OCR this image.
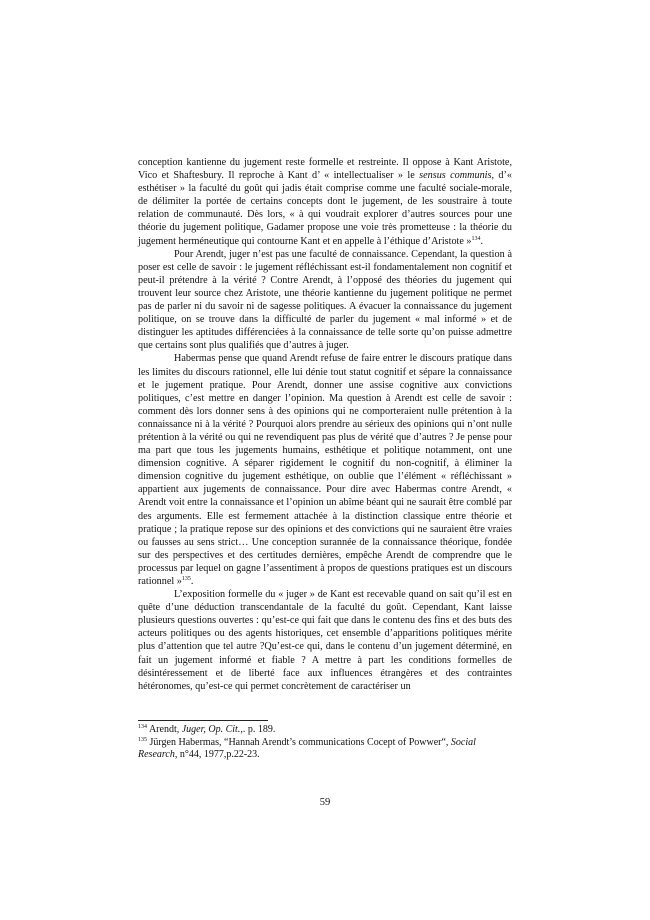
conception kantienne du jugement reste formelle et restreinte. Il oppose à Kant Aristote, Vico et Shaftesbury. Il reproche à Kant d’ « intellectualiser » le sensus communis, d’« esthétiser » la faculté du goût qui jadis était comprise comme une faculté sociale-morale, de délimiter la portée de certains concepts dont le jugement, de les soustraire à toute relation de communauté. Dès lors, « à qui voudrait explorer d’autres sources pour une théorie du jugement politique, Gadamer propose une voie très prometteuse : la théorie du jugement herméneutique qui contourne Kant et en appelle à l’éthique d’Aristote »$^{134}$.

Pour Arendt, juger n’est pas une faculté de connaissance. Cependant, la question à poser est celle de savoir : le jugement réfléchissant est-il fondamentalement non cognitif et peut-il prétendre à la vérité ? Contre Arendt, à l’opposé des théories du jugement qui trouvent leur source chez Aristote, une théorie kantienne du jugement politique ne permet pas de parler ni du savoir ni de sagesse politiques. A évacuer la connaissance du jugement politique, on se trouve dans la difficulté de parler du jugement « mal informé » et de distinguer les aptitudes différenciées à la connaissance de telle sorte qu’on puisse admettre que certains sont plus qualifiés que d’autres à juger.

Habermas pense que quand Arendt refuse de faire entrer le discours pratique dans les limites du discours rationnel, elle lui dénie tout statut cognitif et sépare la connaissance et le jugement pratique. Pour Arendt, donner une assise cognitive aux convictions politiques, c’est mettre en danger l’opinion. Ma question à Arendt est celle de savoir : comment dès lors donner sens à des opinions qui ne comporteraient nulle prétention à la connaissance ni à la vérité ? Pourquoi alors prendre au sérieux des opinions qui n’ont nulle prétention à la vérité ou qui ne revendiquent pas plus de vérité que d’autres ? Je pense pour ma part que tous les jugements humains, esthétique et politique notamment, ont une dimension cognitive. A séparer rigidement le cognitif du non-cognitif, à éliminer la dimension cognitive du jugement esthétique, on oublie que l’élément « réfléchissant » appartient aux jugements de connaissance. Pour dire avec Habermas contre Arendt, « Arendt voit entre la connaissance et l’opinion un abîme béant qui ne saurait être comblé par des arguments. Elle est fermement attachée à la distinction classique entre théorie et pratique ; la pratique repose sur des opinions et des convictions qui ne sauraient être vraies ou fausses au sens strict… Une conception surannée de la connaissance théorique, fondée sur des perspectives et des certitudes dernières, empêche Arendt de comprendre que le processus par lequel on gagne l’assentiment à propos de questions pratiques est un discours rationnel »$^{135}$.

L’exposition formelle du « juger » de Kant est recevable quand on sait qu’il est en quête d’une déduction transcendantale de la faculté du goût. Cependant, Kant laisse plusieurs questions ouvertes : qu’est-ce qui fait que dans le contenu des fins et des buts des acteurs politiques ou des agents historiques, cet ensemble d’apparitions politiques mérite plus d’attention que tel autre ?Qu’est-ce qui, dans le contenu d’un jugement déterminé, en fait un jugement informé et fiable ? A mettre à part les conditions formelles de désintéressement et de liberté face aux influences étrangères et des contraintes hétéronomes, qu’est-ce qui permet concrètement de caractériser un

$^{134}$ Arendt, Juger, Op. Cit.,. p. 189.

$^{135}$ Jürgen Habermas, “Hannah Arendt’s communications Cocept of Powwer“, Social Research, n°44, 1977,p.22-23.

59
